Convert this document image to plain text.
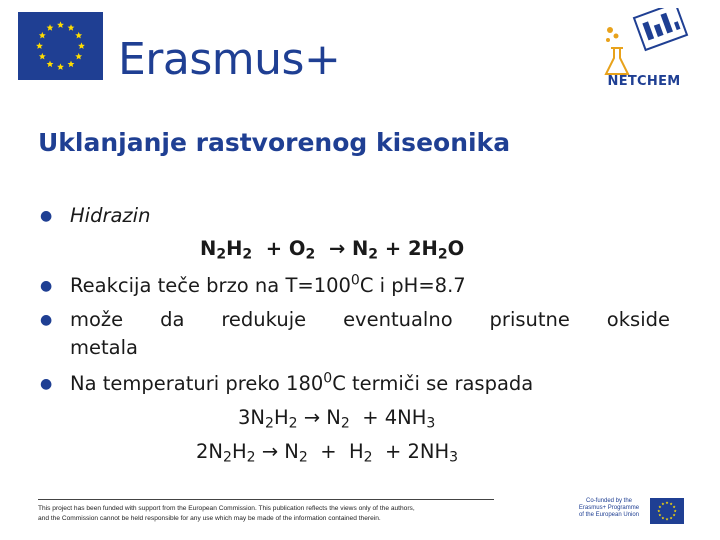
Erasmus+	NETCHEM
Uklanjanje rastvorenog kiseonika
● Hidrazin
$N_2H_2 + O_2 \to N_2 + 2H_2O$
● Reakcija teče brzo na $T=100^0C$ i pH=8.7
● može da redukuje eventualno prisutne okside
metala
● Na temperaturi preko $180^0C$ termiči se raspada
$3N_2H_2 \to N_2 + 4NH_3$
$2N_2H_2 \to N_2 + H_2 + 2NH_3$
This project has been funded with support from the European Commission. This publication reflects the views only of the authors,
and the Commission cannot be held responsible for any use which may be made of the information contained therein.
Co-funded by the
Erasmus+ Programme
of the European Union
